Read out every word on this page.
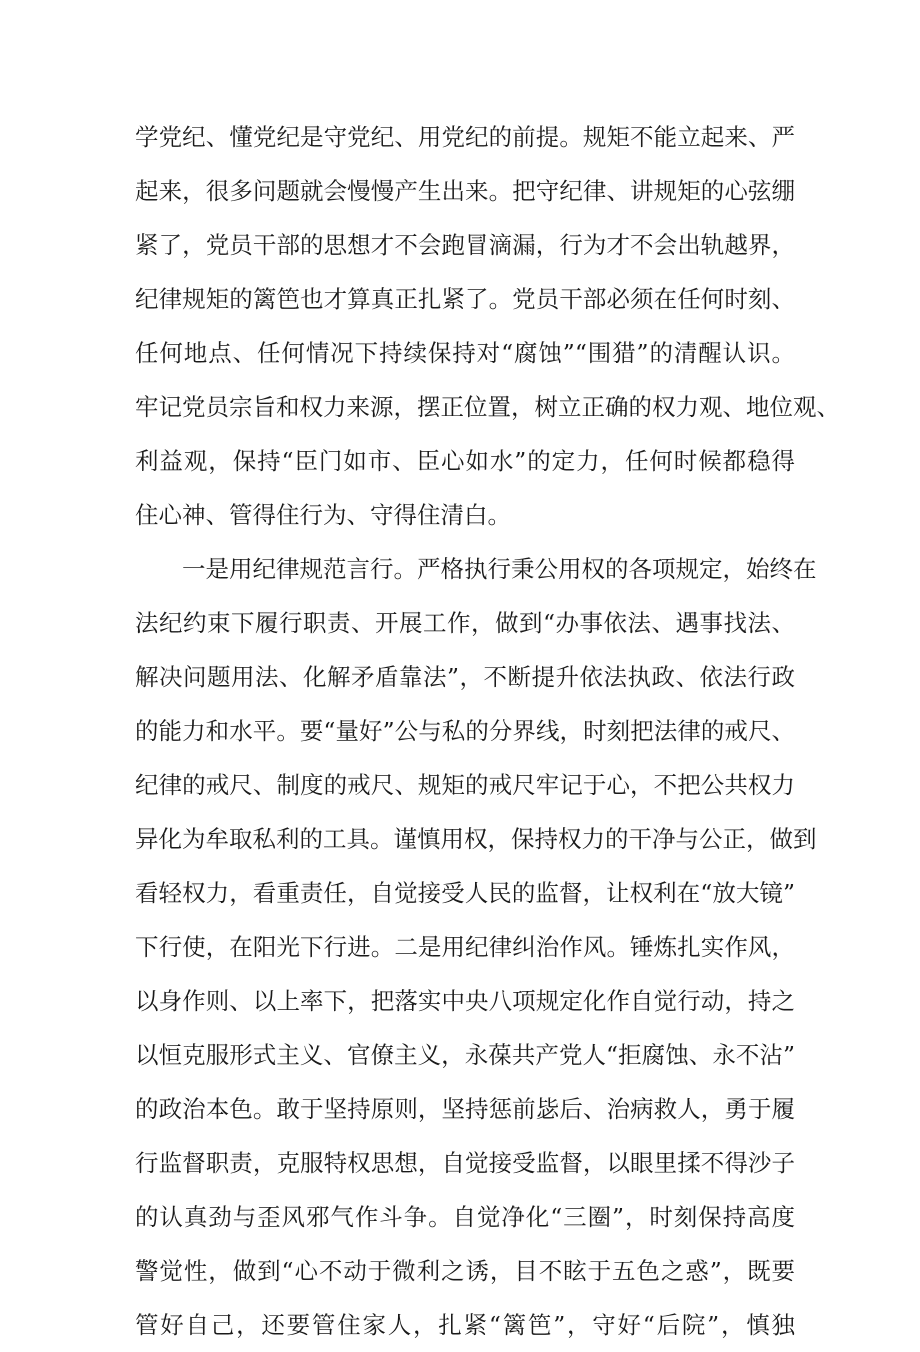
学党纪、懂党纪是守党纪、用党纪的前提。规矩不能立起来、严
起来，很多问题就会慢慢产生出来。把守纪律、讲规矩的心弦绷
紧了，党员干部的思想才不会跑冒滴漏，行为才不会出轨越界，
纪律规矩的篱笆也才算真正扎紧了。党员干部必须在任何时刻、
任何地点、任何情况下持续保持对“腐蚀”“围猎”的清醒认识。
牢记党员宗旨和权力来源，摆正位置，树立正确的权力观、地位观、
利益观，保持“臣门如市、臣心如水”的定力，任何时候都稳得
住心神、管得住行为、守得住清白。
一是用纪律规范言行。严格执行秉公用权的各项规定，始终在
法纪约束下履行职责、开展工作，做到“办事依法、遇事找法、
解决问题用法、化解矛盾靠法”，不断提升依法执政、依法行政
的能力和水平。要“量好”公与私的分界线，时刻把法律的戒尺、
纪律的戒尺、制度的戒尺、规矩的戒尺牢记于心，不把公共权力
异化为牟取私利的工具。谨慎用权，保持权力的干净与公正，做到
看轻权力，看重责任，自觉接受人民的监督，让权利在“放大镜”
下行使，在阳光下行进。二是用纪律纠治作风。锤炼扎实作风，
以身作则、以上率下，把落实中央八项规定化作自觉行动，持之
以恒克服形式主义、官僚主义，永葆共产党人“拒腐蚀、永不沾”
的政治本色。敢于坚持原则，坚持惩前毖后、治病救人，勇于履
行监督职责，克服特权思想，自觉接受监督，以眼里揉不得沙子
的认真劲与歪风邪气作斗争。自觉净化“三圈”，时刻保持高度
警觉性，做到“心不动于微利之诱，目不眩于五色之惑”，既要
管好自己，还要管住家人，扎紧“篱笆”，守好“后院”，慎独
